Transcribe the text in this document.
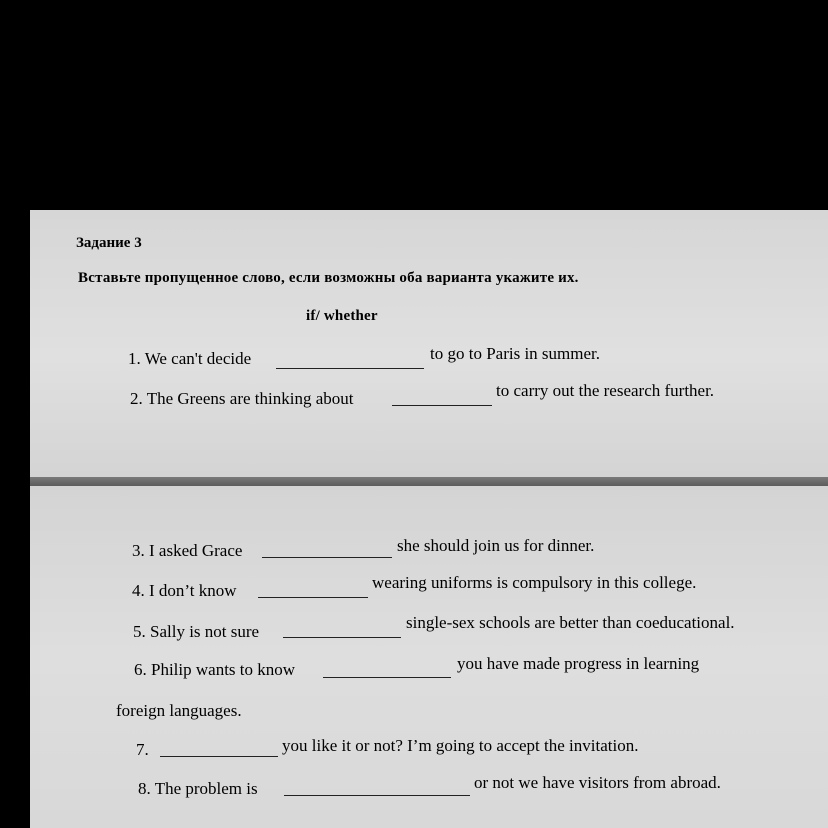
Задание 3
Вставьте пропущенное слово, если возможны оба варианта укажите их.
if/ whether
1. We can't decide	to go to Paris in summer.
2. The Greens are thinking about	to carry out the research further.
3. I asked Grace	she should join us for dinner.
4. I don’t know	wearing uniforms is compulsory in this college.
5. Sally is not sure	single-sex schools are better than coeducational.
6. Philip wants to know	you have made progress in learning
foreign languages.
7.	you like it or not? I’m going to accept the invitation.
8. The problem is	or not we have visitors from abroad.
